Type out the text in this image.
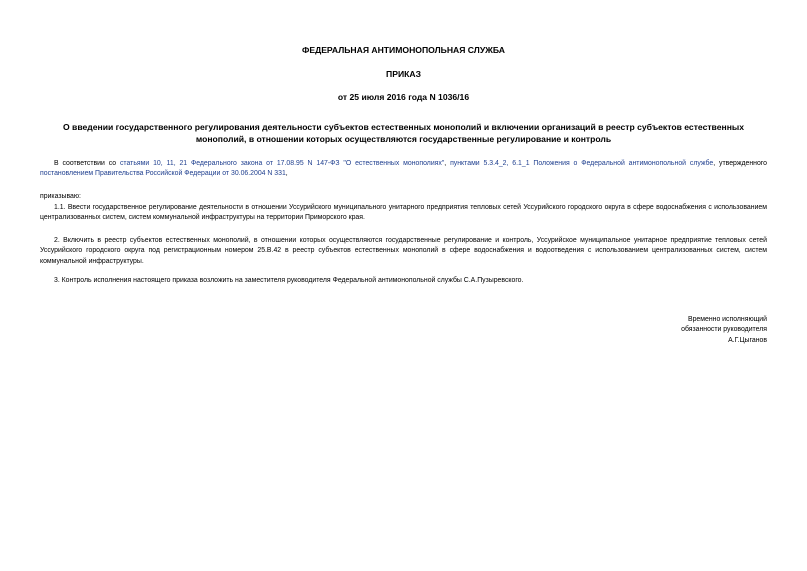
ФЕДЕРАЛЬНАЯ АНТИМОНОПОЛЬНАЯ СЛУЖБА
ПРИКАЗ
от 25 июля 2016 года N 1036/16
О введении государственного регулирования деятельности субъектов естественных монополий и включении организаций в реестр субъектов естественных монополий, в отношении которых осуществляются государственные регулирование и контроль
В соответствии со статьями 10, 11, 21 Федерального закона от 17.08.95 N 147-ФЗ "О естественных монополиях", пунктами 5.3.4_2, 6.1_1 Положения о Федеральной антимонопольной службе, утвержденного постановлением Правительства Российской Федерации от 30.06.2004 N 331,
приказываю:
1.1. Ввести государственное регулирование деятельности в отношении Уссурийского муниципального унитарного предприятия тепловых сетей Уссурийского городского округа в сфере водоснабжения с использованием централизованных систем, систем коммунальной инфраструктуры на территории Приморского края.
2. Включить в реестр субъектов естественных монополий, в отношении которых осуществляются государственные регулирование и контроль, Уссурийское муниципальное унитарное предприятие тепловых сетей Уссурийского городского округа под регистрационным номером 25.В.42 в реестр субъектов естественных монополий в сфере водоснабжения и водоотведения с использованием централизованных систем, систем коммунальной инфраструктуры.
3. Контроль исполнения настоящего приказа возложить на заместителя руководителя Федеральной антимонопольной службы С.А.Пузыревского.
Временно исполняющий
обязанности руководителя
А.Г.Цыганов
